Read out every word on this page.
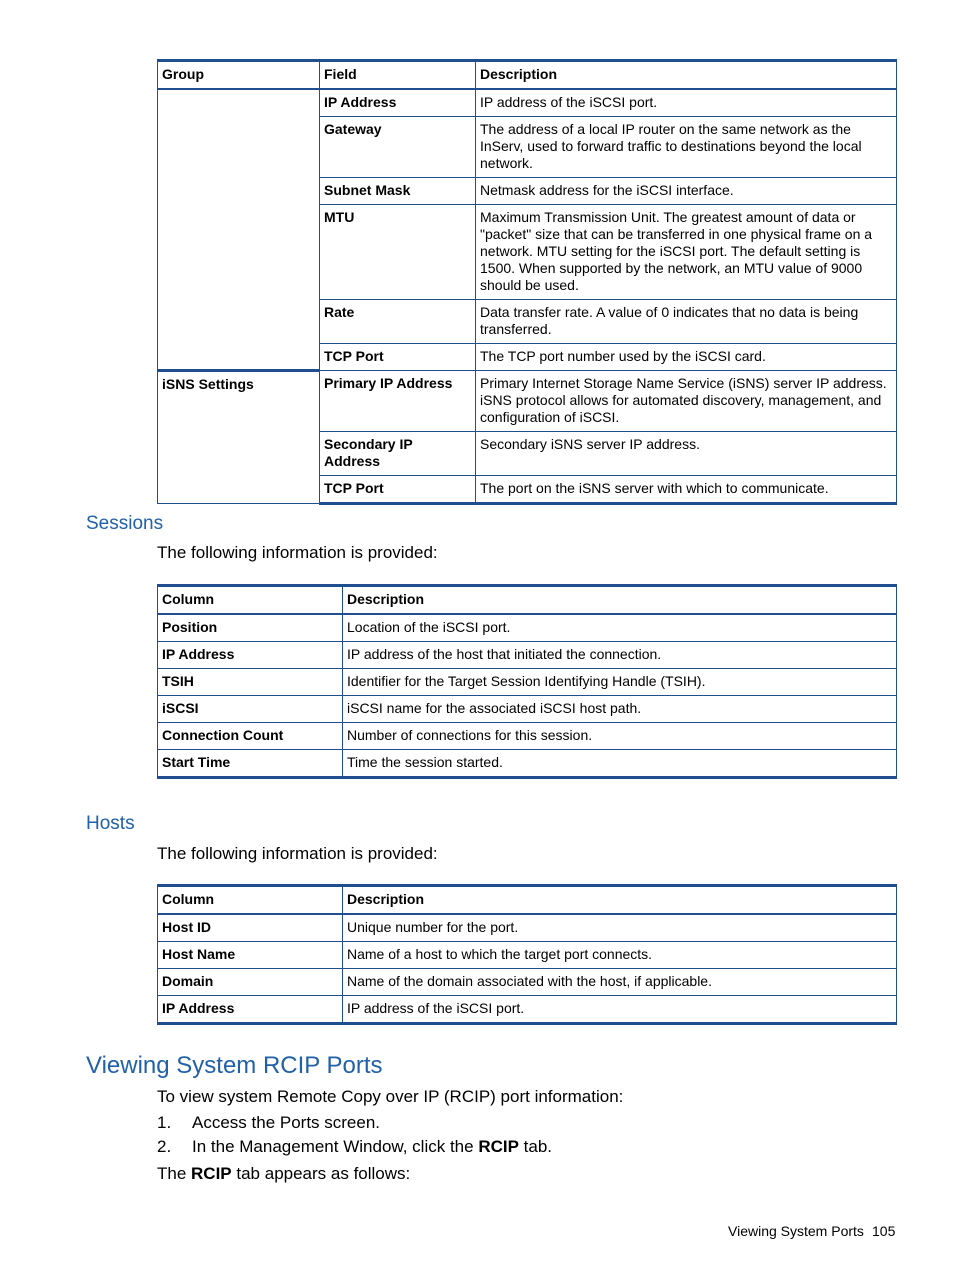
Group	Field	Description
	IP Address	IP address of the iSCSI port.
	Gateway	The address of a local IP router on the same network as the InServ, used to forward traffic to destinations beyond the local network.
	Subnet Mask	Netmask address for the iSCSI interface.
	MTU	Maximum Transmission Unit. The greatest amount of data or "packet" size that can be transferred in one physical frame on a network. MTU setting for the iSCSI port. The default setting is 1500. When supported by the network, an MTU value of 9000 should be used.
	Rate	Data transfer rate. A value of 0 indicates that no data is being transferred.
	TCP Port	The TCP port number used by the iSCSI card.
iSNS Settings	Primary IP Address	Primary Internet Storage Name Service (iSNS) server IP address. iSNS protocol allows for automated discovery, management, and configuration of iSCSI.
	Secondary IP Address	Secondary iSNS server IP address.
	TCP Port	The port on the iSNS server with which to communicate.
Sessions

The following information is provided:

Column	Description
Position	Location of the iSCSI port.
IP Address	IP address of the host that initiated the connection.
TSIH	Identifier for the Target Session Identifying Handle (TSIH).
iSCSI	iSCSI name for the associated iSCSI host path.
Connection Count	Number of connections for this session.
Start Time	Time the session started.
Hosts

The following information is provided:

Column	Description
Host ID	Unique number for the port.
Host Name	Name of a host to which the target port connects.
Domain	Name of the domain associated with the host, if applicable.
IP Address	IP address of the iSCSI port.
Viewing System RCIP Ports

To view system Remote Copy over IP (RCIP) port information:

1. Access the Ports screen.
2. In the Management Window, click the RCIP tab.

The RCIP tab appears as follows:

Viewing System Ports 105
